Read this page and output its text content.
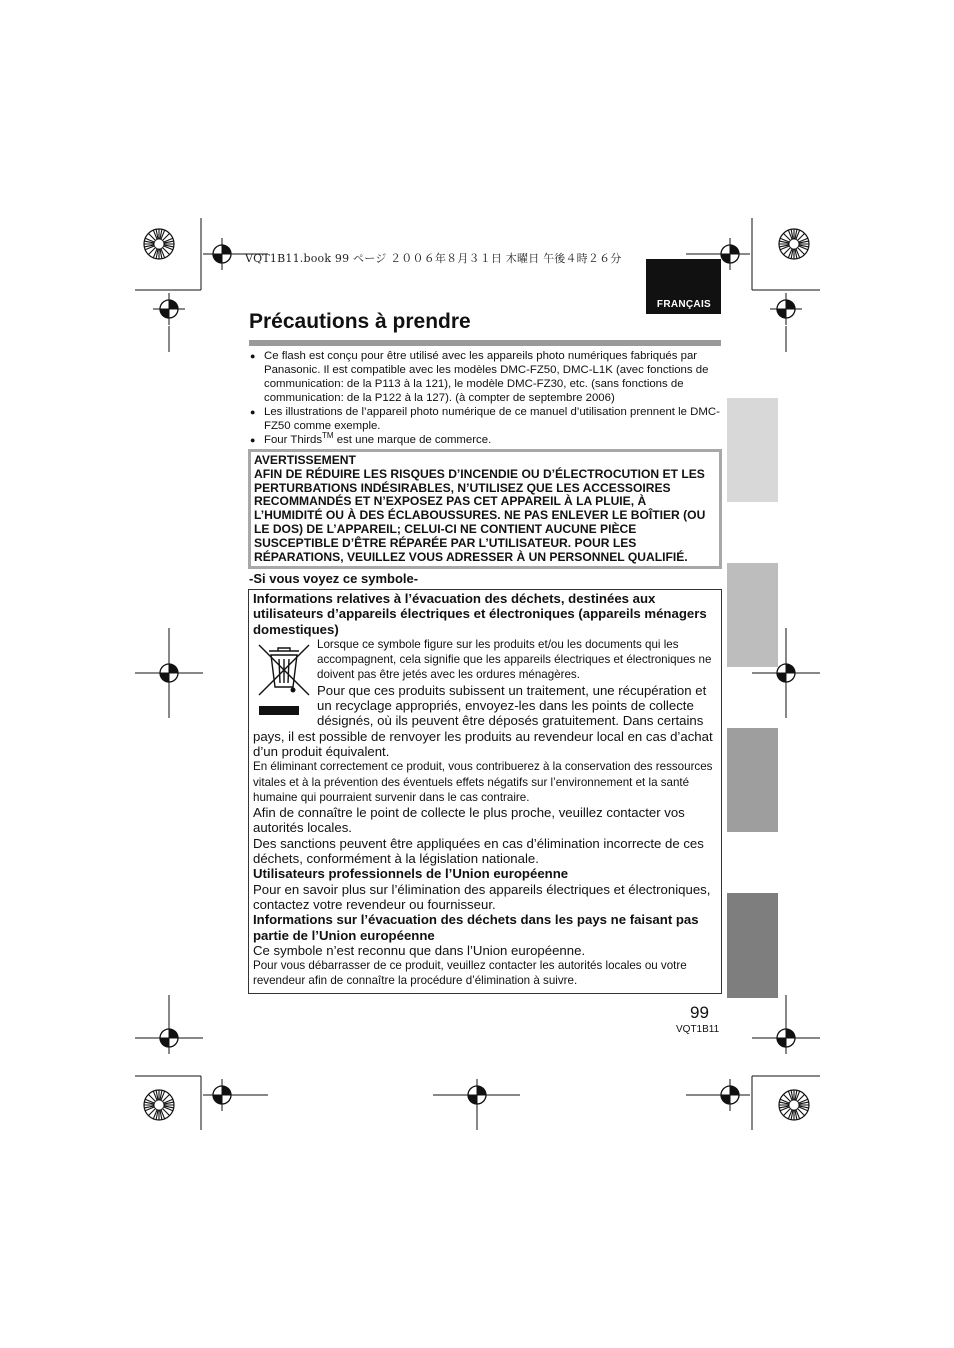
VQT1B11.book 99 ページ ２００６年８月３１日 木曜日 午後４時２６分
FRANÇAIS
Précautions à prendre
● Ce flash est conçu pour être utilisé avec les appareils photo numériques fabriqués par Panasonic. Il est compatible avec les modèles DMC-FZ50, DMC-L1K (avec fonctions de communication: de la P113 à la 121), le modèle DMC-FZ30, etc. (sans fonctions de communication: de la P122 à la 127). (à compter de septembre 2006)
● Les illustrations de l’appareil photo numérique de ce manuel d’utilisation prennent le DMC-FZ50 comme exemple.
● Four Thirds™ est une marque de commerce.
AVERTISSEMENT
AFIN DE RÉDUIRE LES RISQUES D’INCENDIE OU D’ÉLECTROCUTION ET LES PERTURBATIONS INDÉSIRABLES, N’UTILISEZ QUE LES ACCESSOIRES RECOMMANDÉS ET N’EXPOSEZ PAS CET APPAREIL À LA PLUIE, À L’HUMIDITÉ OU À DES ÉCLABOUSSURES. NE PAS ENLEVER LE BOÎTIER (OU LE DOS) DE L’APPAREIL; CELUI-CI NE CONTIENT AUCUNE PIÈCE SUSCEPTIBLE D’ÊTRE RÉPARÉE PAR L’UTILISATEUR. POUR LES RÉPARATIONS, VEUILLEZ VOUS ADRESSER À UN PERSONNEL QUALIFIÉ.
-Si vous voyez ce symbole-
Informations relatives à l’évacuation des déchets, destinées aux utilisateurs d’appareils électriques et électroniques (appareils ménagers domestiques)
Lorsque ce symbole figure sur les produits et/ou les documents qui les accompagnent, cela signifie que les appareils électriques et électroniques ne doivent pas être jetés avec les ordures ménagères.
Pour que ces produits subissent un traitement, une récupération et un recyclage appropriés, envoyez-les dans les points de collecte désignés, où ils peuvent être déposés gratuitement. Dans certains pays, il est possible de renvoyer les produits au revendeur local en cas d’achat d’un produit équivalent.
En éliminant correctement ce produit, vous contribuerez à la conservation des ressources vitales et à la prévention des éventuels effets négatifs sur l’environnement et la santé humaine qui pourraient survenir dans le cas contraire.
Afin de connaître le point de collecte le plus proche, veuillez contacter vos autorités locales.
Des sanctions peuvent être appliquées en cas d’élimination incorrecte de ces déchets, conformément à la législation nationale.
Utilisateurs professionnels de l’Union européenne
Pour en savoir plus sur l’élimination des appareils électriques et électroniques, contactez votre revendeur ou fournisseur.
Informations sur l’évacuation des déchets dans les pays ne faisant pas partie de l’Union européenne
Ce symbole n’est reconnu que dans l’Union européenne.
Pour vous débarrasser de ce produit, veuillez contacter les autorités locales ou votre revendeur afin de connaître la procédure d’élimination à suivre.
99
VQT1B11
